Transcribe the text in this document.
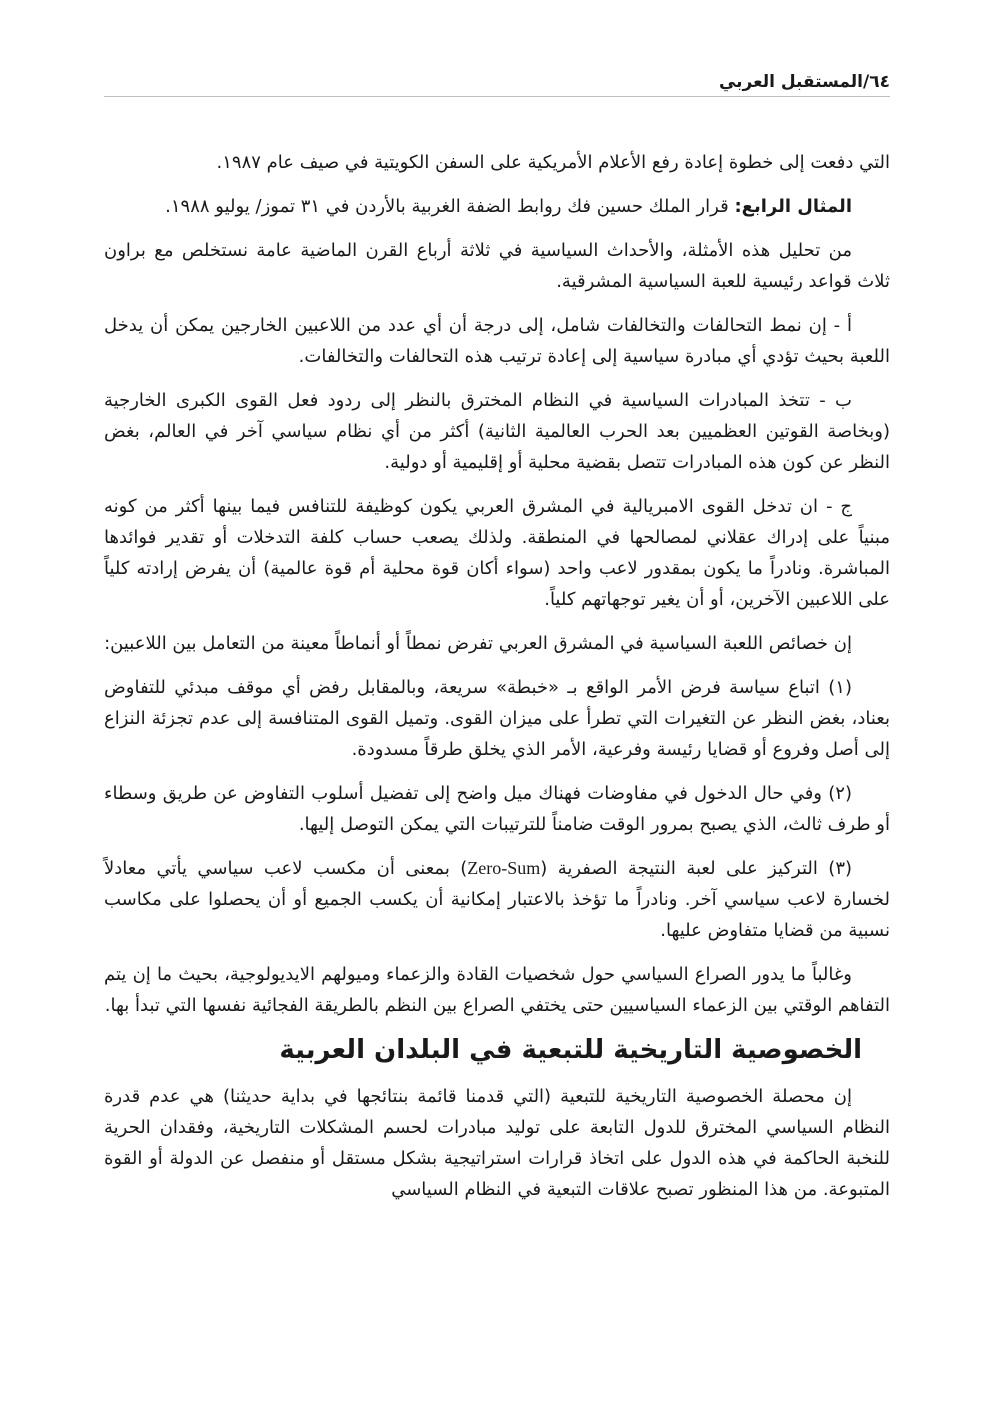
٦٤/المستقبل العربي

التي دفعت إلى خطوة إعادة رفع الأعلام الأمريكية على السفن الكويتية في صيف عام ١٩٨٧.

المثال الرابع: قرار الملك حسين فك روابط الضفة الغربية بالأردن في ٣١ تموز/ يوليو ١٩٨٨.

من تحليل هذه الأمثلة، والأحداث السياسية في ثلاثة أرباع القرن الماضية عامة نستخلص مع براون ثلاث قواعد رئيسية للعبة السياسية المشرقية.

أ - إن نمط التحالفات والتخالفات شامل، إلى درجة أن أي عدد من اللاعبين الخارجين يمكن أن يدخل اللعبة بحيث تؤدي أي مبادرة سياسية إلى إعادة ترتيب هذه التحالفات والتخالفات.

ب - تتخذ المبادرات السياسية في النظام المخترق بالنظر إلى ردود فعل القوى الكبرى الخارجية (وبخاصة القوتين العظميين بعد الحرب العالمية الثانية) أكثر من أي نظام سياسي آخر في العالم، بغض النظر عن كون هذه المبادرات تتصل بقضية محلية أو إقليمية أو دولية.

ج - ان تدخل القوى الامبريالية في المشرق العربي يكون كوظيفة للتنافس فيما بينها أكثر من كونه مبنياً على إدراك عقلاني لمصالحها في المنطقة. ولذلك يصعب حساب كلفة التدخلات أو تقدير فوائدها المباشرة. ونادراً ما يكون بمقدور لاعب واحد (سواء أكان قوة محلية أم قوة عالمية) أن يفرض إرادته كلياً على اللاعبين الآخرين، أو أن يغير توجهاتهم كلياً.

إن خصائص اللعبة السياسية في المشرق العربي تفرض نمطاً أو أنماطاً معينة من التعامل بين اللاعبين:

(١) اتباع سياسة فرض الأمر الواقع بـ «خبطة» سريعة، وبالمقابل رفض أي موقف مبدئي للتفاوض بعناد، بغض النظر عن التغيرات التي تطرأ على ميزان القوى. وتميل القوى المتنافسة إلى عدم تجزئة النزاع إلى أصل وفروع أو قضايا رئيسة وفرعية، الأمر الذي يخلق طرقاً مسدودة.

(٢) وفي حال الدخول في مفاوضات فهناك ميل واضح إلى تفضيل أسلوب التفاوض عن طريق وسطاء أو طرف ثالث، الذي يصبح بمرور الوقت ضامناً للترتيبات التي يمكن التوصل إليها.

(٣) التركيز على لعبة النتيجة الصفرية (Zero-Sum) بمعنى أن مكسب لاعب سياسي يأتي معادلاً لخسارة لاعب سياسي آخر. ونادراً ما تؤخذ بالاعتبار إمكانية أن يكسب الجميع أو أن يحصلوا على مكاسب نسبية من قضايا متفاوض عليها.

وغالباً ما يدور الصراع السياسي حول شخصيات القادة والزعماء وميولهم الايديولوجية، بحيث ما إن يتم التفاهم الوقتي بين الزعماء السياسيين حتى يختفي الصراع بين النظم بالطريقة الفجائية نفسها التي تبدأ بها.

الخصوصية التاريخية للتبعية في البلدان العربية

إن محصلة الخصوصية التاريخية للتبعية (التي قدمنا قائمة بنتائجها في بداية حديثنا) هي عدم قدرة النظام السياسي المخترق للدول التابعة على توليد مبادرات لحسم المشكلات التاريخية، وفقدان الحرية للنخبة الحاكمة في هذه الدول على اتخاذ قرارات استراتيجية بشكل مستقل أو منفصل عن الدولة أو القوة المتبوعة. من هذا المنظور تصبح علاقات التبعية في النظام السياسي
